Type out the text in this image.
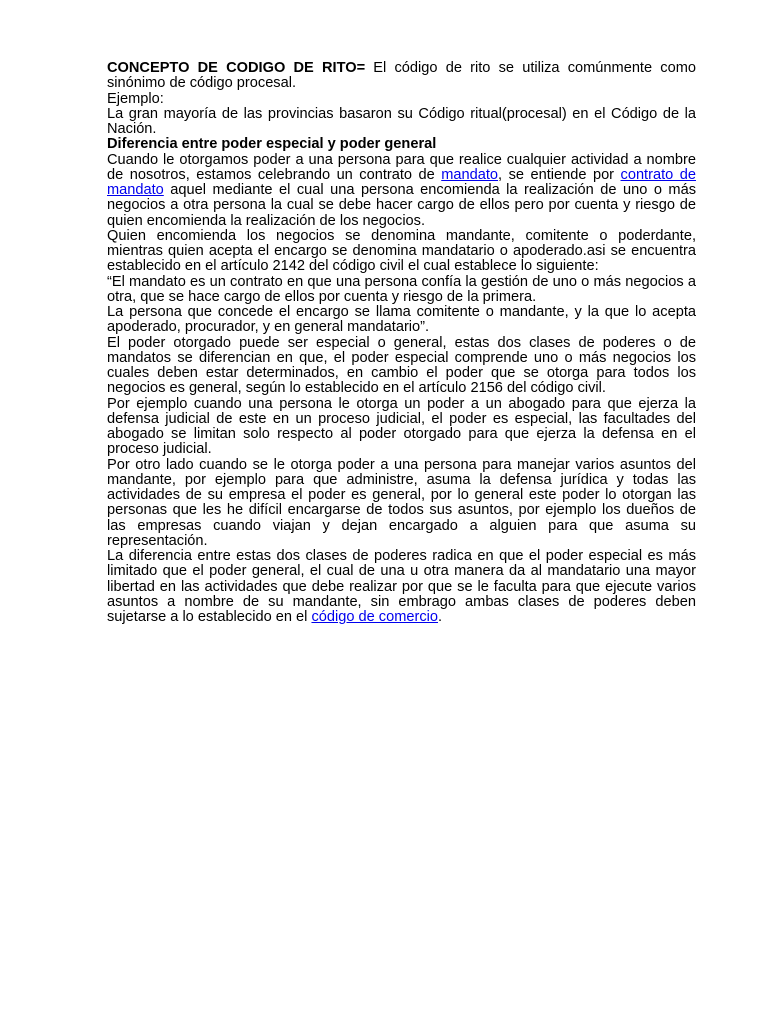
CONCEPTO DE CODIGO DE RITO= El código de rito se utiliza comúnmente como sinónimo de código procesal.

Ejemplo:

La gran mayoría de las provincias basaron su Código ritual(procesal) en el Código de la Nación.

Diferencia entre poder especial y poder general

Cuando le otorgamos poder a una persona para que realice cualquier actividad a nombre de nosotros, estamos celebrando un contrato de mandato, se entiende por contrato de mandato aquel mediante el cual una persona encomienda la realización de uno o más negocios a otra persona la cual se debe hacer cargo de ellos pero por cuenta y riesgo de quien encomienda la realización de los negocios.

Quien encomienda los negocios se denomina mandante, comitente o poderdante, mientras quien acepta el encargo se denomina mandatario o apoderado.asi se encuentra establecido en el artículo 2142 del código civil el cual establece lo siguiente:

“El mandato es un contrato en que una persona confía la gestión de uno o más negocios a otra, que se hace cargo de ellos por cuenta y riesgo de la primera.

La persona que concede el encargo se llama comitente o mandante, y la que lo acepta apoderado, procurador, y en general mandatario”.

El poder otorgado puede ser especial o general, estas dos clases de poderes o de mandatos se diferencian en que, el poder especial comprende uno o más negocios los cuales deben estar determinados, en cambio el poder que se otorga para todos los negocios es general, según lo establecido en el artículo 2156 del código civil.

Por ejemplo cuando una persona le otorga un poder a un abogado para que ejerza la defensa judicial de este en un proceso judicial, el poder es especial, las facultades del abogado se limitan solo respecto al poder otorgado para que ejerza la defensa en el proceso judicial.

Por otro lado cuando se le otorga poder a una persona para manejar varios asuntos del mandante, por ejemplo para que administre, asuma la defensa jurídica y todas las actividades de su empresa el poder es general, por lo general este poder lo otorgan las personas que les he difícil encargarse de todos sus asuntos, por ejemplo los dueños de las empresas cuando viajan y dejan encargado a alguien para que asuma su representación.

La diferencia entre estas dos clases de poderes radica en que el poder especial es más limitado que el poder general, el cual de una u otra manera da al mandatario una mayor libertad en las actividades que debe realizar por que se le faculta para que ejecute varios asuntos a nombre de su mandante, sin embrago ambas clases de poderes deben sujetarse a lo establecido en el código de comercio.
